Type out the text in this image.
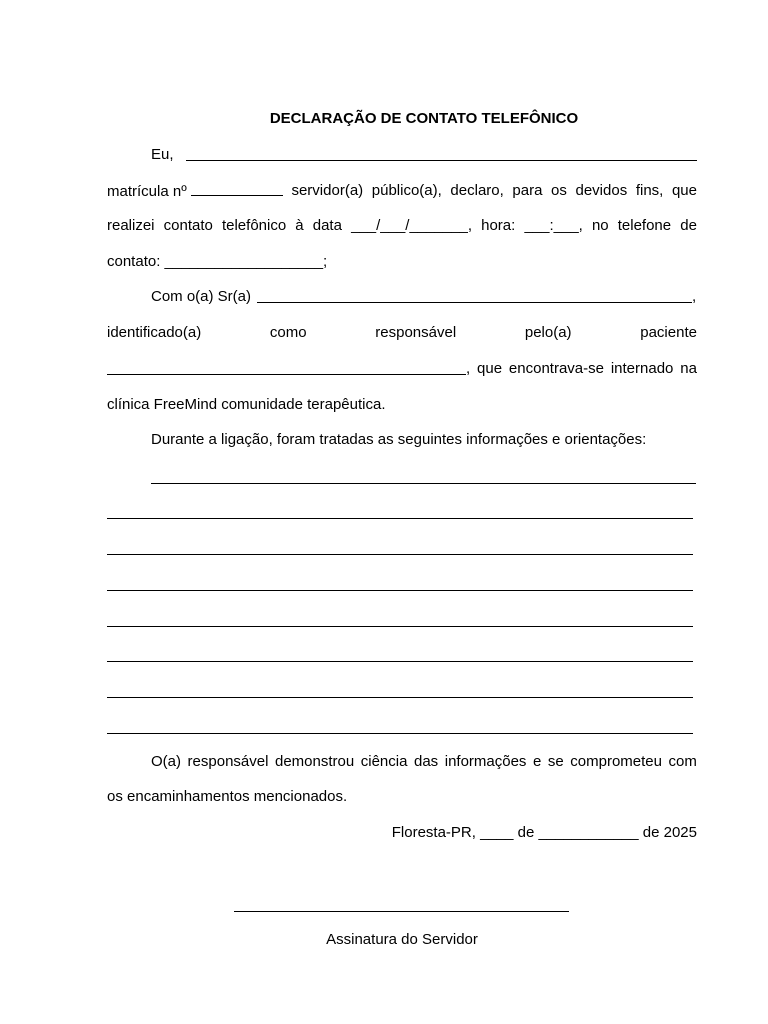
DECLARAÇÃO DE CONTATO TELEFÔNICO
Eu,
matrícula nº	servidor(a) público(a), declaro, para os devidos fins, que
realizei contato telefônico à data ___/___/_______, hora: ___:___, no telefone de
contato: ___________________;
Com o(a) Sr(a)	,
identificado(a)	como	responsável	pelo(a)	paciente
, que encontrava-se internado na
clínica FreeMind comunidade terapêutica.
Durante a ligação, foram tratadas as seguintes informações e orientações:
O(a) responsável demonstrou ciência das informações e se comprometeu com
os encaminhamentos mencionados.
Floresta-PR, ____ de ____________ de 2025
Assinatura do Servidor
